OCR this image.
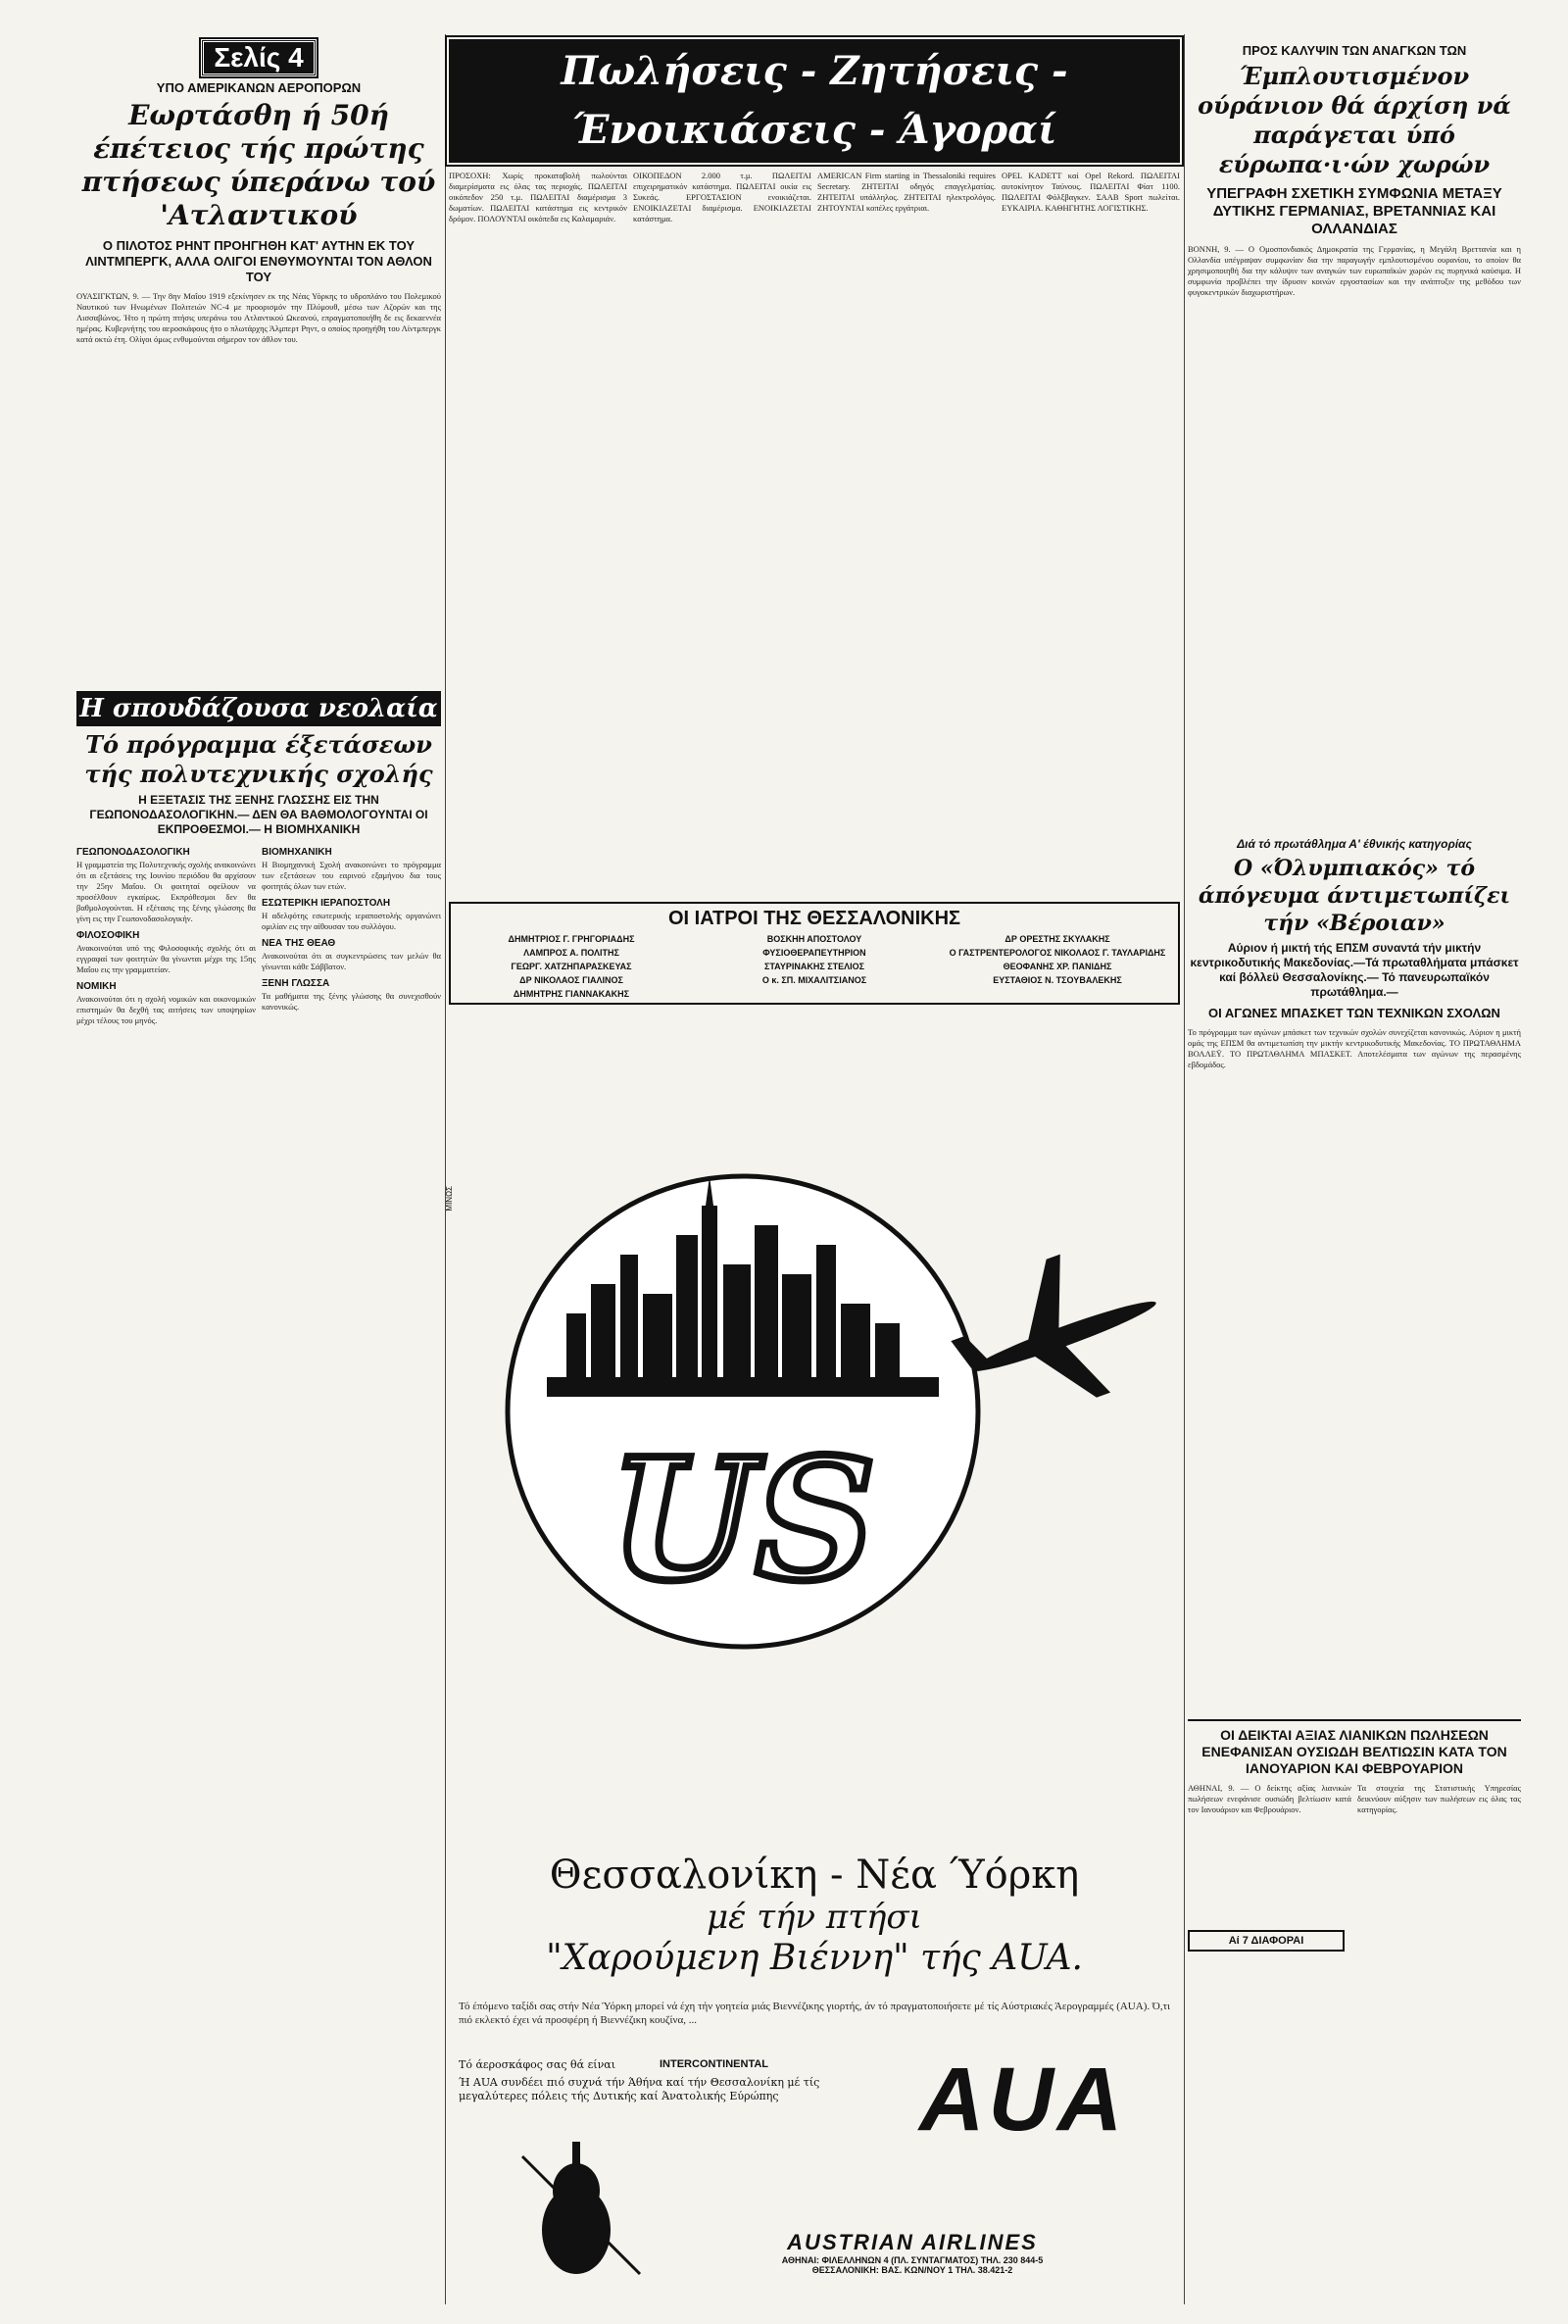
Σελίς 4
ΥΠΟ ΑΜΕΡΙΚΑΝΩΝ ΑΕΡΟΠΟΡΩΝ
Εωρτάσθη ή 50ή έπέτειος τής πρώτης πτήσεως ύπεράνω τού 'Ατλαντικού
Ο ΠΙΛΟΤΟΣ ΡΗΝΤ ΠΡΟΗΓΗΘΗ ΚΑΤ' ΑΥΤΗΝ ΕΚ ΤΟΥ ΛΙΝΤΜΠΕΡΓΚ, ΑΛΛΑ ΟΛΙΓΟΙ ΕΝΘΥΜΟΥΝΤΑΙ ΤΟΝ ΑΘΛΟΝ ΤΟΥ
ΟΥΑΣΙΓΚΤΩΝ, 9. — Την 8ην Μαΐου 1919 εξεκίνησεν εκ της Νέας Υόρκης το υδροπλάνο του Πολεμικού Ναυτικού των Ηνωμένων Πολιτειών NC-4 με προορισμόν την Πλύμουθ, μέσω των Αζορών και της Λισσαβώνος. Ήτο η πρώτη πτήσις υπεράνω του Ατλαντικού Ωκεανού, επραγματοποιήθη δε εις δεκαεννέα ημέρας. Κυβερνήτης του αεροσκάφους ήτο ο πλωτάρχης Άλμπερτ Ρηντ, ο οποίος προηγήθη του Λίντμπεργκ κατά οκτώ έτη. Ολίγοι όμως ενθυμούνται σήμερον τον άθλον του.
Η σπουδάζουσα νεολαία
Τό πρόγραμμα έξετάσεων τής πολυτεχνικής σχολής
Η ΕΞΕΤΑΣΙΣ ΤΗΣ ΞΕΝΗΣ ΓΛΩΣΣΗΣ ΕΙΣ ΤΗΝ ΓΕΩΠΟΝΟΔΑΣΟΛΟΓΙΚΗΝ.— ΔΕΝ ΘΑ ΒΑΘΜΟΛΟΓΟΥΝΤΑΙ ΟΙ ΕΚΠΡΟΘΕΣΜΟΙ.— Η ΒΙΟΜΗΧΑΝΙΚΗ
ΓΕΩΠΟΝΟΔΑΣΟΛΟΓΙΚΗ
Η γραμματεία της Πολυτεχνικής σχολής ανακοινώνει ότι αι εξετάσεις της Ιουνίου περιόδου θα αρχίσουν την 25ην Μαΐου. Οι φοιτηταί οφείλουν να προσέλθουν εγκαίρως. Εκπρόθεσμοι δεν θα βαθμολογούνται. Η εξέτασις της ξένης γλώσσης θα γίνη εις την Γεωπονοδασολογικήν.
ΦΙΛΟΣΟΦΙΚΗ
Ανακοινούται υπό της Φιλοσοφικής σχολής ότι αι εγγραφαί των φοιτητών θα γίνωνται μέχρι της 15ης Μαΐου εις την γραμματείαν.
ΝΟΜΙΚΗ
Ανακοινούται ότι η σχολή νομικών και οικονομικών επιστημών θα δεχθή τας αιτήσεις των υποψηφίων μέχρι τέλους του μηνός.
ΒΙΟΜΗΧΑΝΙΚΗ
Η Βιομηχανική Σχολή ανακοινώνει το πρόγραμμα των εξετάσεων του εαρινού εξαμήνου δια τους φοιτητάς όλων των ετών.
ΕΣΩΤΕΡΙΚΗ ΙΕΡΑΠΟΣΤΟΛΗ
Η αδελφότης εσωτερικής ιεραποστολής οργανώνει ομιλίαν εις την αίθουσαν του συλλόγου.
ΝΕΑ ΤΗΣ ΘΕΑΘ
Ανακοινούται ότι αι συγκεντρώσεις των μελών θα γίνωνται κάθε Σάββατον.
ΞΕΝΗ ΓΛΩΣΣΑ
Τα μαθήματα της ξένης γλώσσης θα συνεχισθούν κανονικώς.
Πωλήσεις - Ζητήσεις - Ένοικιάσεις - Άγοραί
ΠΡΟΣΟΧΗ: Χωρίς προκαταβολή πωλούνται διαμερίσματα εις όλας τας περιοχάς. ΠΩΛΕΙΤΑΙ οικόπεδον 250 τ.μ. ΠΩΛΕΙΤΑΙ διαμέρισμα 3 δωματίων. ΠΩΛΕΙΤΑΙ κατάστημα εις κεντρικόν δρόμον. ΠΟΛΟΥΝΤΑΙ οικόπεδα εις Καλαμαριάν.
ΟΙΚΟΠΕΔΟΝ 2.000 τ.μ. ΠΩΛΕΙΤΑΙ επιχειρηματικόν κατάστημα. ΠΩΛΕΙΤΑΙ οικία εις Συκεάς. ΕΡΓΟΣΤΑΣΙΟΝ ενοικιάζεται. ΕΝΟΙΚΙΑΖΕΤΑΙ διαμέρισμα. ΕΝΟΙΚΙΑΖΕΤΑΙ κατάστημα.
AMERICAN Firm starting in Thessaloniki requires Secretary. ΖΗΤΕΙΤΑΙ οδηγός επαγγελματίας. ΖΗΤΕΙΤΑΙ υπάλληλος. ΖΗΤΕΙΤΑΙ ηλεκτρολόγος. ΖΗΤΟΥΝΤΑΙ κοπέλες εργάτριαι.
OPEL KADETT καί Opel Rekord. ΠΩΛΕΙΤΑΙ αυτοκίνητον Ταύνους. ΠΩΛΕΙΤΑΙ Φίατ 1100. ΠΩΛΕΙΤΑΙ Φόλξβαγκεν. ΣΑΑΒ Sport πωλείται. ΕΥΚΑΙΡΙΑ. ΚΑΘΗΓΗΤΗΣ ΛΟΓΙΣΤΙΚΗΣ.
ΟΙ ΙΑΤΡΟΙ ΤΗΣ ΘΕΣΣΑΛΟΝΙΚΗΣ
ΔΗΜΗΤΡΙΟΣ Γ. ΓΡΗΓΟΡΙΑΔΗΣ	ΒΟΣΚΗΗ ΑΠΟΣΤΟΛΟΥ	ΔΡ ΟΡΕΣΤΗΣ ΣΚΥΛΑΚΗΣ
ΛΑΜΠΡΟΣ Α. ΠΟΛΙΤΗΣ	ΦΥΣΙΟΘΕΡΑΠΕΥΤΗΡΙΟΝ	Ο ΓΑΣΤΡΕΝΤΕΡΟΛΟΓΟΣ ΝΙΚΟΛΑΟΣ Γ. ΤΑΥΛΑΡΙΔΗΣ
ΓΕΩΡΓ. ΧΑΤΖΗΠΑΡΑΣΚΕΥΑΣ	ΣΤΑΥΡΙΝΑΚΗΣ ΣΤΕΛΙΟΣ	ΘΕΟΦΑΝΗΣ ΧΡ. ΠΑΝΙΔΗΣ
ΔΡ ΝΙΚΟΛΑΟΣ ΓΙΑΛΙΝΟΣ	Ο κ. ΣΠ. ΜΙΧΑΛΙΤΣΙΑΝΟΣ	ΕΥΣΤΑΘΙΟΣ Ν. ΤΣΟΥΒΑΛΕΚΗΣ
ΔΗΜΗΤΡΗΣ ΓΙΑΝΝΑΚΑΚΗΣ
ΜΙΝΩΣ
US
Θεσσαλονίκη - Νέα Ύόρκη
μέ τήν πτήσι
"Χαρούμενη Βιέννη" τής AUA.
Τό έπόμενο ταξίδι σας στήν Νέα Ύόρκη μπορεί νά έχη τήν γοητεία μιάς Βιεννέζικης γιορτής, άν τό πραγματοποιήσετε μέ τίς Αύστριακές Άερογραμμές (AUA). Ό,τι πιό εκλεκτό έχει νά προσφέρη ή Βιεννέζικη κουζίνα, ...
Τό άεροσκάφος σας θά είναι	INTERCONTINENTAL
Ή AUA συνδέει πιό συχνά τήν Άθήνα καί τήν Θεσσαλονίκη μέ τίς μεγαλύτερες πόλεις τής Δυτικής καί Άνατολικής Εύρώπης	AUA
AUSTRIAN AIRLINES
ΑΘΗΝΑΙ: ΦΙΛΕΛΛΗΝΩΝ 4 (ΠΛ. ΣΥΝΤΑΓΜΑΤΟΣ) ΤΗΛ. 230 844-5
ΘΕΣΣΑΛΟΝΙΚΗ: ΒΑΣ. ΚΩΝ/ΝΟΥ 1 ΤΗΛ. 38.421-2
ΠΡΟΣ ΚΑΛΥΨΙΝ ΤΩΝ ΑΝΑΓΚΩΝ ΤΩΝ
Έμπλουτισμένον ούράνιον θά άρχίση νά παράγεται ύπό εύρωπα·ι·ών χωρών
ΥΠΕΓΡΑΦΗ ΣΧΕΤΙΚΗ ΣΥΜΦΩΝΙΑ ΜΕΤΑΞΥ ΔΥΤΙΚΗΣ ΓΕΡΜΑΝΙΑΣ, ΒΡΕΤΑΝΝΙΑΣ ΚΑΙ ΟΛΛΑΝΔΙΑΣ
ΒΟΝΝΗ, 9. — Ο Ομοσπονδιακός Δημοκρατία της Γερμανίας, η Μεγάλη Βρεττανία και η Ολλανδία υπέγραψαν συμφωνίαν δια την παραγωγήν εμπλουτισμένου ουρανίου, το οποίον θα χρησιμοποιηθή δια την κάλυψιν των αναγκών των ευρωπαϊκών χωρών εις πυρηνικά καύσιμα. Η συμφωνία προβλέπει την ίδρυσιν κοινών εργοστασίων και την ανάπτυξιν της μεθόδου των φυγοκεντρικών διαχωριστήρων.
Διά τό πρωτάθλημα Α' έθνικής κατηγορίας
Ο «Όλυμπιακός» τό άπόγευμα άντιμετωπίζει τήν «Βέροιαν»
Αύριον ή μικτή τής ΕΠΣΜ συναντά τήν μικτήν κεντρικοδυτικής Μακεδονίας.—Τά πρωταθλήματα μπάσκετ καί βόλλεϋ Θεσσαλονίκης.— Τό πανευρωπαϊκόν πρωτάθλημα.—
ΟΙ ΑΓΩΝΕΣ ΜΠΑΣΚΕΤ ΤΩΝ ΤΕΧΝΙΚΩΝ ΣΧΟΛΩΝ
Το πρόγραμμα των αγώνων μπάσκετ των τεχνικών σχολών συνεχίζεται κανονικώς. Αύριον η μικτή ομάς της ΕΠΣΜ θα αντιμετωπίση την μικτήν κεντρικοδυτικής Μακεδονίας. ΤΟ ΠΡΩΤΑΘΛΗΜΑ ΒΟΛΛΕΫ. ΤΟ ΠΡΩΤΑΘΛΗΜΑ ΜΠΑΣΚΕΤ. Αποτελέσματα των αγώνων της περασμένης εβδομάδος.
ΟΙ ΔΕΙΚΤΑΙ ΑΞΙΑΣ ΛΙΑΝΙΚΩΝ ΠΩΛΗΣΕΩΝ ΕΝΕΦΑΝΙΣΑΝ ΟΥΣΙΩΔΗ ΒΕΛΤΙΩΣΙΝ ΚΑΤΑ ΤΟΝ ΙΑΝΟΥΑΡΙΟΝ ΚΑΙ ΦΕΒΡΟΥΑΡΙΟΝ
ΑΘΗΝΑΙ, 9. — Ο δείκτης αξίας λιανικών πωλήσεων ενεφάνισε ουσιώδη βελτίωσιν κατά τον Ιανουάριον και Φεβρουάριον.
Τα στοιχεία της Στατιστικής Υπηρεσίας δεικνύουν αύξησιν των πωλήσεων εις όλας τας κατηγορίας.
Αί 7 ΔΙΑΦΟΡΑΙ
